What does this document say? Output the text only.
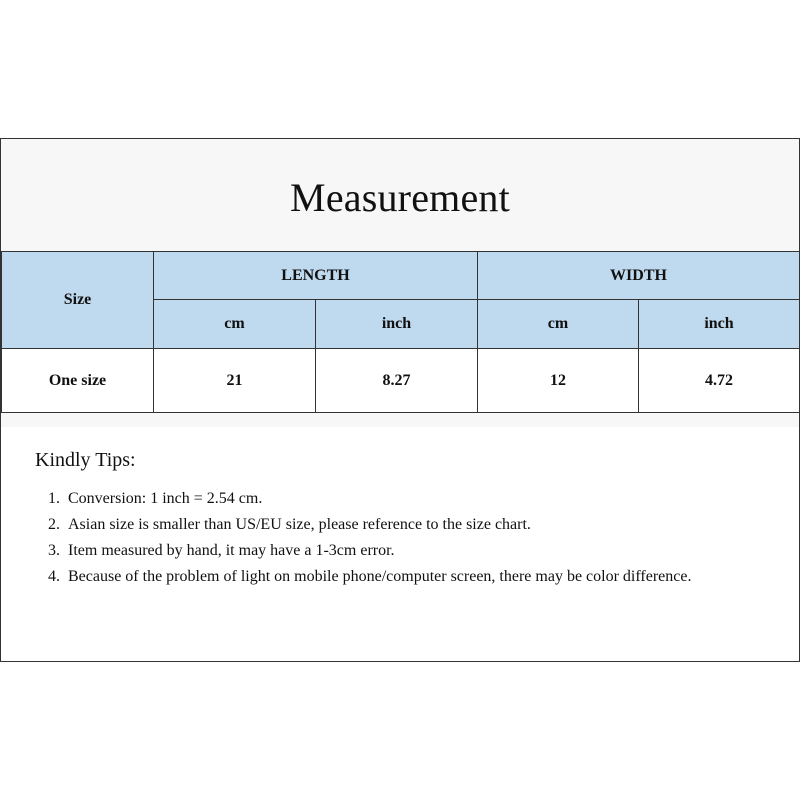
Measurement
Size	LENGTH		WIDTH	
	cm	inch	cm	inch
One size	21	8.27	12	4.72
Kindly Tips:
1. Conversion: 1 inch = 2.54 cm.
2. Asian size is smaller than US/EU size, please reference to the size chart.
3. Item measured by hand, it may have a 1-3cm error.
4. Because of the problem of light on mobile phone/computer screen, there may be color difference.
